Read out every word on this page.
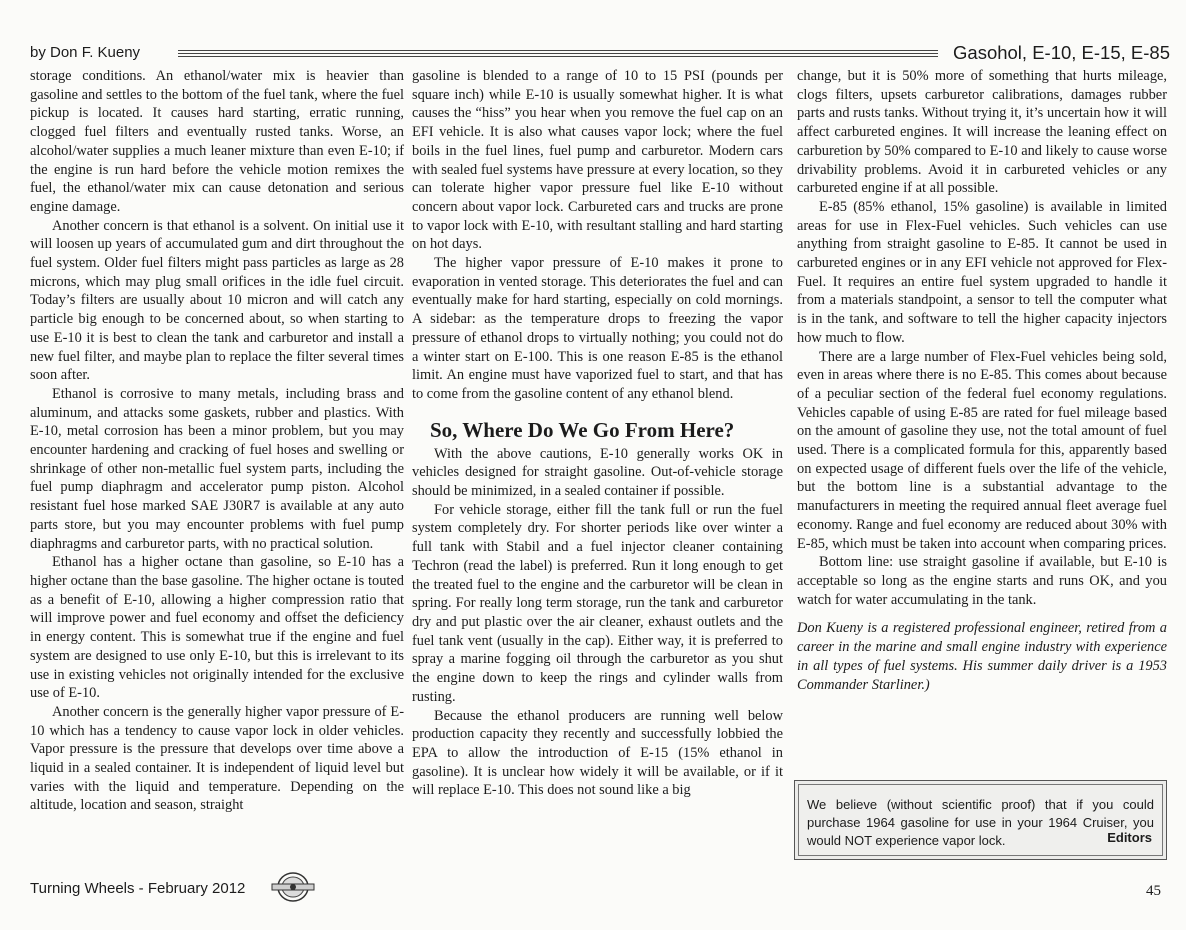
by Don F. Kueny	Gasohol, E-10, E-15, E-85

storage conditions. An ethanol/water mix is heavier than gasoline and settles to the bottom of the fuel tank, where the fuel pickup is located. It causes hard starting, erratic running, clogged fuel filters and eventually rusted tanks. Worse, an alcohol/water supplies a much leaner mixture than even E-10; if the engine is run hard before the vehicle motion remixes the fuel, the ethanol/water mix can cause detonation and serious engine damage.

Another concern is that ethanol is a solvent. On initial use it will loosen up years of accumulated gum and dirt throughout the fuel system. Older fuel filters might pass particles as large as 28 microns, which may plug small orifices in the idle fuel circuit. Today’s filters are usually about 10 micron and will catch any particle big enough to be concerned about, so when starting to use E-10 it is best to clean the tank and carburetor and install a new fuel filter, and maybe plan to replace the filter several times soon after.

Ethanol is corrosive to many metals, including brass and aluminum, and attacks some gaskets, rubber and plastics. With E-10, metal corrosion has been a minor problem, but you may encounter hardening and cracking of fuel hoses and swelling or shrinkage of other non-metallic fuel system parts, including the fuel pump diaphragm and accelerator pump piston. Alcohol resistant fuel hose marked SAE J30R7 is available at any auto parts store, but you may encounter problems with fuel pump diaphragms and carburetor parts, with no practical solution.

Ethanol has a higher octane than gasoline, so E-10 has a higher octane than the base gasoline. The higher octane is touted as a benefit of E-10, allowing a higher compression ratio that will improve power and fuel economy and offset the deficiency in energy content. This is somewhat true if the engine and fuel system are designed to use only E-10, but this is irrelevant to its use in existing vehicles not originally intended for the exclusive use of E-10.

Another concern is the generally higher vapor pressure of E-10 which has a tendency to cause vapor lock in older vehicles. Vapor pressure is the pressure that develops over time above a liquid in a sealed container. It is independent of liquid level but varies with the liquid and temperature. Depending on the altitude, location and season, straight

gasoline is blended to a range of 10 to 15 PSI (pounds per square inch) while E-10 is usually somewhat higher. It is what causes the “hiss” you hear when you remove the fuel cap on an EFI vehicle. It is also what causes vapor lock; where the fuel boils in the fuel lines, fuel pump and carburetor. Modern cars with sealed fuel systems have pressure at every location, so they can tolerate higher vapor pressure fuel like E-10 without concern about vapor lock. Carbureted cars and trucks are prone to vapor lock with E-10, with resultant stalling and hard starting on hot days.

The higher vapor pressure of E-10 makes it prone to evaporation in vented storage. This deteriorates the fuel and can eventually make for hard starting, especially on cold mornings. A sidebar: as the temperature drops to freezing the vapor pressure of ethanol drops to virtually nothing; you could not do a winter start on E-100. This is one reason E-85 is the ethanol limit. An engine must have vaporized fuel to start, and that has to come from the gasoline content of any ethanol blend.

So, Where Do We Go From Here?

With the above cautions, E-10 generally works OK in vehicles designed for straight gasoline. Out-of-vehicle storage should be minimized, in a sealed container if possible.

For vehicle storage, either fill the tank full or run the fuel system completely dry. For shorter periods like over winter a full tank with Stabil and a fuel injector cleaner containing Techron (read the label) is preferred. Run it long enough to get the treated fuel to the engine and the carburetor will be clean in spring. For really long term storage, run the tank and carburetor dry and put plastic over the air cleaner, exhaust outlets and the fuel tank vent (usually in the cap). Either way, it is preferred to spray a marine fogging oil through the carburetor as you shut the engine down to keep the rings and cylinder walls from rusting.

Because the ethanol producers are running well below production capacity they recently and successfully lobbied the EPA to allow the introduction of E-15 (15% ethanol in gasoline). It is unclear how widely it will be available, or if it will replace E-10. This does not sound like a big

change, but it is 50% more of something that hurts mileage, clogs filters, upsets carburetor calibrations, damages rubber parts and rusts tanks. Without trying it, it’s uncertain how it will affect carbureted engines. It will increase the leaning effect on carburetion by 50% compared to E-10 and likely to cause worse drivability problems. Avoid it in carbureted vehicles or any carbureted engine if at all possible.

E-85 (85% ethanol, 15% gasoline) is available in limited areas for use in Flex-Fuel vehicles. Such vehicles can use anything from straight gasoline to E-85. It cannot be used in carbureted engines or in any EFI vehicle not approved for Flex-Fuel. It requires an entire fuel system upgraded to handle it from a materials standpoint, a sensor to tell the computer what is in the tank, and software to tell the higher capacity injectors how much to flow.

There are a large number of Flex-Fuel vehicles being sold, even in areas where there is no E-85. This comes about because of a peculiar section of the federal fuel economy regulations. Vehicles capable of using E-85 are rated for fuel mileage based on the amount of gasoline they use, not the total amount of fuel used. There is a complicated formula for this, apparently based on expected usage of different fuels over the life of the vehicle, but the bottom line is a substantial advantage to the manufacturers in meeting the required annual fleet average fuel economy. Range and fuel economy are reduced about 30% with E-85, which must be taken into account when comparing prices.

Bottom line: use straight gasoline if available, but E-10 is acceptable so long as the engine starts and runs OK, and you watch for water accumulating in the tank.

Don Kueny is a registered professional engineer, retired from a career in the marine and small engine industry with experience in all types of fuel systems. His summer daily driver is a 1953 Commander Starliner.)

We believe (without scientific proof) that if you could purchase 1964 gasoline for use in your 1964 Cruiser, you would NOT experience vapor lock.	Editors
Turning Wheels - February 2012	45
